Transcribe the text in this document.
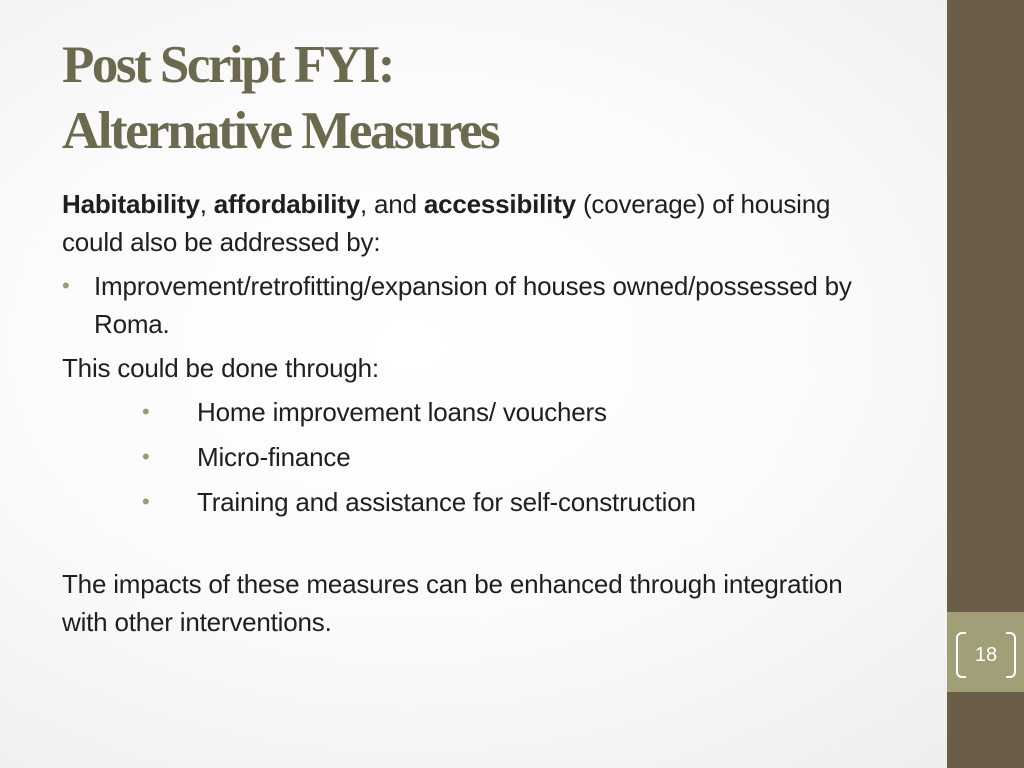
18
Post Script FYI:
Alternative Measures

Habitability, affordability, and accessibility (coverage) of housing
could also be addressed by:

• Improvement/retrofitting/expansion of houses owned/possessed by
Roma.

This could be done through:

• Home improvement loans/ vouchers
• Micro-finance
• Training and assistance for self-construction

The impacts of these measures can be enhanced through integration
with other interventions.
